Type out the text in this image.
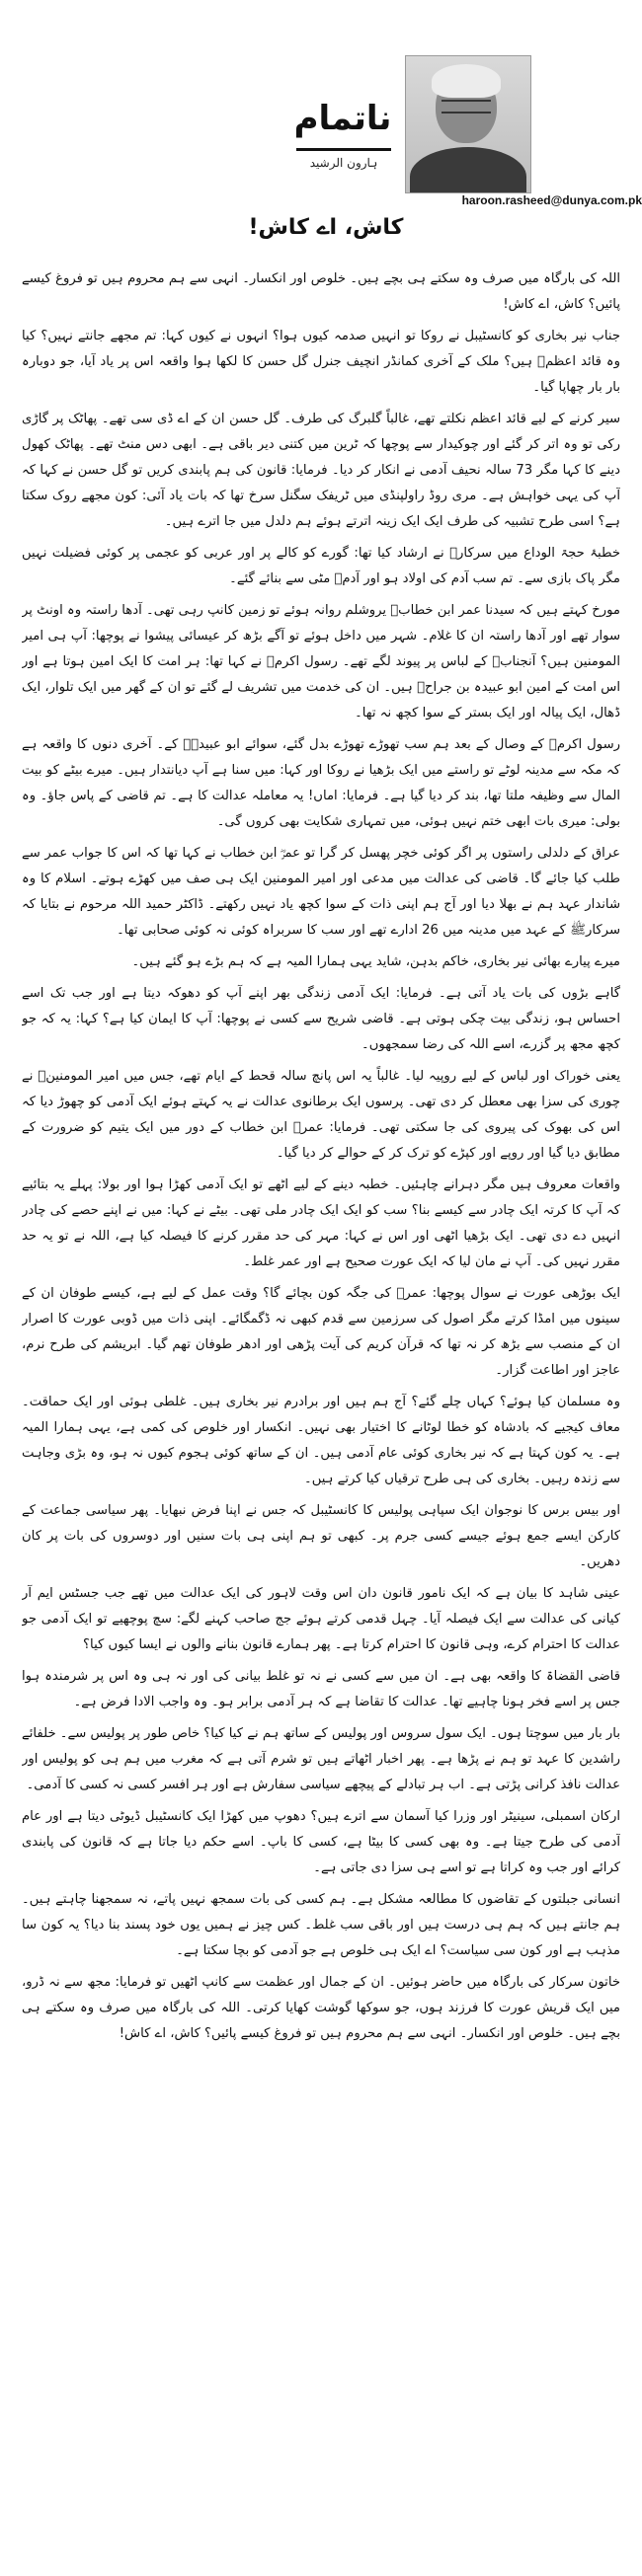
ناتمام
ہارون الرشید
haroon.rasheed@dunya.com.pk
کاش، اے کاش!

اللہ کی بارگاہ میں صرف وہ سکتے ہی بچے ہیں۔ خلوص اور انکسار۔ انہی سے ہم محروم ہیں تو فروغ کیسے پائیں؟ کاش، اے کاش!

جناب نیر بخاری کو کانسٹیبل نے روکا تو انہیں صدمہ کیوں ہوا؟ انہوں نے کیوں کہا: تم مجھے جانتے نہیں؟ کیا وہ قائد اعظمؒ ہیں؟ ملک کے آخری کمانڈر انچیف جنرل گل حسن کا لکھا ہوا واقعہ اس پر یاد آیا، جو دوبارہ بار بار چھاپا گیا۔

سیر کرنے کے لیے قائد اعظم نکلتے تھے، غالباً گلبرگ کی طرف۔ گل حسن ان کے اے ڈی سی تھے۔ پھاٹک پر گاڑی رکی تو وہ اتر کر گئے اور چوکیدار سے پوچھا کہ ٹرین میں کتنی دیر باقی ہے۔ ابھی دس منٹ تھے۔ پھاٹک کھول دینے کا کہا مگر 73 سالہ نحیف آدمی نے انکار کر دیا۔ فرمایا: قانون کی ہم پابندی کریں تو گل حسن نے کہا کہ آپ کی یہی خواہش ہے۔ مری روڈ راولپنڈی میں ٹریفک سگنل سرخ تھا کہ بات یاد آئی: کون مجھے روک سکتا ہے؟ اسی طرح تشبیہ کی طرف ایک ایک زینہ اترتے ہوئے ہم دلدل میں جا اترے ہیں۔

خطبۂ حجۃ الوداع میں سرکارﷺ نے ارشاد کیا تھا: گورے کو کالے پر اور عربی کو عجمی پر کوئی فضیلت نہیں مگر پاک بازی سے۔ تم سب آدم کی اولاد ہو اور آدمؑ مٹی سے بنائے گئے۔

مورخ کہتے ہیں کہ سیدنا عمر ابن خطابؓ یروشلم روانہ ہوئے تو زمین کانپ رہی تھی۔ آدھا راستہ وہ اونٹ پر سوار تھے اور آدھا راستہ ان کا غلام۔ شہر میں داخل ہوئے تو آگے بڑھ کر عیسائی پیشوا نے پوچھا: آپ ہی امیر المومنین ہیں؟ آنجنابؓ کے لباس پر پیوند لگے تھے۔ رسول اکرمﷺ نے کہا تھا: ہر امت کا ایک امین ہوتا ہے اور اس امت کے امین ابو عبیدہ بن جراحؓ ہیں۔ ان کی خدمت میں تشریف لے گئے تو ان کے گھر میں ایک تلوار، ایک ڈھال، ایک پیالہ اور ایک بستر کے سوا کچھ نہ تھا۔

رسول اکرمﷺ کے وصال کے بعد ہم سب تھوڑے تھوڑے بدل گئے، سوائے ابو عبیدہؓ کے۔ آخری دنوں کا واقعہ ہے کہ مکہ سے مدینہ لوٹے تو راستے میں ایک بڑھیا نے روکا اور کہا: میں سنا ہے آپ دیانتدار ہیں۔ میرے بیٹے کو بیت المال سے وظیفہ ملتا تھا، بند کر دیا گیا ہے۔ فرمایا: اماں! یہ معاملہ عدالت کا ہے۔ تم قاضی کے پاس جاؤ۔ وہ بولی: میری بات ابھی ختم نہیں ہوئی، میں تمہاری شکایت بھی کروں گی۔

عراق کے دلدلی راستوں پر اگر کوئی خچر پھسل کر گرا تو عمرؓ ابن خطاب نے کہا تھا کہ اس کا جواب عمر سے طلب کیا جائے گا۔ قاضی کی عدالت میں مدعی اور امیر المومنین ایک ہی صف میں کھڑے ہوتے۔ اسلام کا وہ شاندار عہد ہم نے بھلا دیا اور آج ہم اپنی ذات کے سوا کچھ یاد نہیں رکھتے۔ ڈاکٹر حمید اللہ مرحوم نے بتایا کہ سرکارﷺ کے عہد میں مدینہ میں 26 ادارے تھے اور سب کا سربراہ کوئی نہ کوئی صحابی تھا۔

میرے پیارے بھائی نیر بخاری، خاکم بدہن، شاید یہی ہمارا المیہ ہے کہ ہم بڑے ہو گئے ہیں۔

گاہے بڑوں کی بات یاد آتی ہے۔ فرمایا: ایک آدمی زندگی بھر اپنے آپ کو دھوکہ دیتا ہے اور جب تک اسے احساس ہو، زندگی بیت چکی ہوتی ہے۔ قاضی شریح سے کسی نے پوچھا: آپ کا ایمان کیا ہے؟ کہا: یہ کہ جو کچھ مجھ پر گزرے، اسے اللہ کی رضا سمجھوں۔

یعنی خوراک اور لباس کے لیے روپیہ لیا۔ غالباً یہ اس پانچ سالہ قحط کے ایام تھے، جس میں امیر المومنینؓ نے چوری کی سزا بھی معطل کر دی تھی۔ پرسوں ایک برطانوی عدالت نے یہ کہتے ہوئے ایک آدمی کو چھوڑ دیا کہ اس کی بھوک کی پیروی کی جا سکتی تھی۔ فرمایا: عمرؓ ابن خطاب کے دور میں ایک یتیم کو ضرورت کے مطابق دیا گیا اور روپے اور کپڑے کو ترک کر کے حوالے کر دیا گیا۔

واقعات معروف ہیں مگر دہرانے چاہئیں۔ خطبہ دینے کے لیے اٹھے تو ایک آدمی کھڑا ہوا اور بولا: پہلے یہ بتائیے کہ آپ کا کرتہ ایک چادر سے کیسے بنا؟ سب کو ایک ایک چادر ملی تھی۔ بیٹے نے کہا: میں نے اپنے حصے کی چادر انہیں دے دی تھی۔ ایک بڑھیا اٹھی اور اس نے کہا: مہر کی حد مقرر کرنے کا فیصلہ کیا ہے، اللہ نے تو یہ حد مقرر نہیں کی۔ آپ نے مان لیا کہ ایک عورت صحیح ہے اور عمر غلط۔

ایک بوڑھی عورت نے سوال پوچھا: عمرؓ کی جگہ کون بچائے گا؟ وقت عمل کے لیے ہے، کیسے طوفان ان کے سینوں میں امڈا کرتے مگر اصول کی سرزمین سے قدم کبھی نہ ڈگمگائے۔ اپنی ذات میں ڈوبی عورت کا اصرار ان کے منصب سے بڑھ کر نہ تھا کہ قرآن کریم کی آیت پڑھی اور ادھر طوفان تھم گیا۔ ابریشم کی طرح نرم، عاجز اور اطاعت گزار۔

وہ مسلمان کیا ہوئے؟ کہاں چلے گئے؟ آج ہم ہیں اور برادرم نیر بخاری ہیں۔ غلطی ہوئی اور ایک حماقت۔ معاف کیجیے کہ بادشاہ کو خطا لوٹانے کا اختیار بھی نہیں۔ انکسار اور خلوص کی کمی ہے، یہی ہمارا المیہ ہے۔ یہ کون کہتا ہے کہ نیر بخاری کوئی عام آدمی ہیں۔ ان کے ساتھ کوئی ہجوم کیوں نہ ہو، وہ بڑی وجاہت سے زندہ رہیں۔ بخاری کی ہی طرح ترقیاں کیا کرتے ہیں۔

اور بیس برس کا نوجوان ایک سپاہی پولیس کا کانسٹیبل کہ جس نے اپنا فرض نبھایا۔ پھر سیاسی جماعت کے کارکن ایسے جمع ہوئے جیسے کسی جرم پر۔ کبھی تو ہم اپنی ہی بات سنیں اور دوسروں کی بات پر کان دھریں۔

عینی شاہد کا بیان ہے کہ ایک نامور قانون دان اس وقت لاہور کی ایک عدالت میں تھے جب جسٹس ایم آر کیانی کی عدالت سے ایک فیصلہ آیا۔ چہل قدمی کرتے ہوئے جج صاحب کہنے لگے: سچ پوچھیے تو ایک آدمی جو عدالت کا احترام کرے، وہی قانون کا احترام کرتا ہے۔ پھر ہمارے قانون بنانے والوں نے ایسا کیوں کیا؟

قاضی القضاۃ کا واقعہ بھی ہے۔ ان میں سے کسی نے نہ تو غلط بیانی کی اور نہ ہی وہ اس پر شرمندہ ہوا جس پر اسے فخر ہونا چاہیے تھا۔ عدالت کا تقاضا ہے کہ ہر آدمی برابر ہو۔ وہ واجب الادا فرض ہے۔

بار بار میں سوچتا ہوں۔ ایک سول سروس اور پولیس کے ساتھ ہم نے کیا کیا؟ خاص طور پر پولیس سے۔ خلفائے راشدین کا عہد تو ہم نے پڑھا ہے۔ پھر اخبار اٹھاتے ہیں تو شرم آتی ہے کہ مغرب میں ہم ہی کو پولیس اور عدالت نافذ کرانی پڑتی ہے۔ اب ہر تبادلے کے پیچھے سیاسی سفارش ہے اور ہر افسر کسی نہ کسی کا آدمی۔

ارکان اسمبلی، سینیٹر اور وزرا کیا آسمان سے اترے ہیں؟ دھوپ میں کھڑا ایک کانسٹیبل ڈیوٹی دیتا ہے اور عام آدمی کی طرح جیتا ہے۔ وہ بھی کسی کا بیٹا ہے، کسی کا باپ۔ اسے حکم دیا جاتا ہے کہ قانون کی پابندی کرائے اور جب وہ کراتا ہے تو اسے ہی سزا دی جاتی ہے۔

انسانی جبلتوں کے تقاضوں کا مطالعہ مشکل ہے۔ ہم کسی کی بات سمجھ نہیں پاتے، نہ سمجھنا چاہتے ہیں۔ ہم جانتے ہیں کہ ہم ہی درست ہیں اور باقی سب غلط۔ کس چیز نے ہمیں یوں خود پسند بنا دیا؟ یہ کون سا مذہب ہے اور کون سی سیاست؟ اے ایک ہی خلوص ہے جو آدمی کو بچا سکتا ہے۔

خاتون سرکار کی بارگاہ میں حاضر ہوئیں۔ ان کے جمال اور عظمت سے کانپ اٹھیں تو فرمایا: مجھ سے نہ ڈرو، میں ایک قریش عورت کا فرزند ہوں، جو سوکھا گوشت کھایا کرتی۔ اللہ کی بارگاہ میں صرف وہ سکتے ہی بچے ہیں۔ خلوص اور انکسار۔ انہی سے ہم محروم ہیں تو فروغ کیسے پائیں؟ کاش، اے کاش!
